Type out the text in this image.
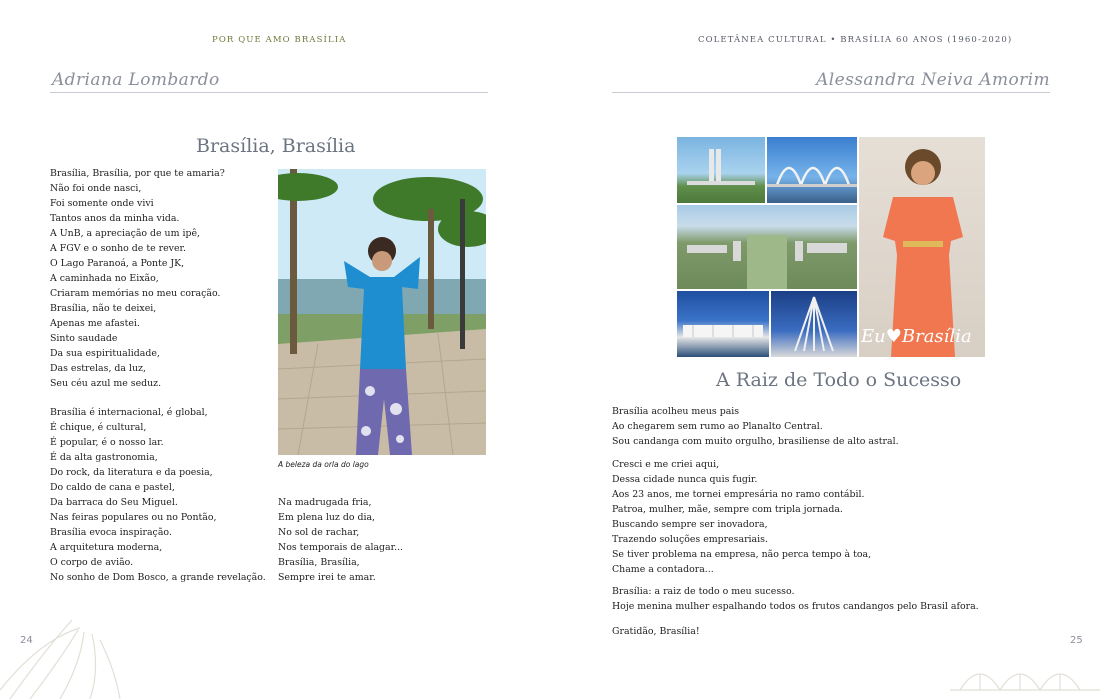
POR QUE AMO BRASÍLIA
Adriana Lombardo
Brasília, Brasília
Brasília, Brasília, por que te amaria?
Não foi onde nasci,
Foi somente onde vivi
Tantos anos da minha vida.
A UnB, a apreciação de um ipê,
A FGV e o sonho de te rever.
O Lago Paranoá, a Ponte JK,
A caminhada no Eixão,
Criaram memórias no meu coração.
Brasília, não te deixei,
Apenas me afastei.
Sinto saudade
Da sua espiritualidade,
Das estrelas, da luz,
Seu céu azul me seduz.
Brasília é internacional, é global,
É chique, é cultural,
É popular, é o nosso lar.
É da alta gastronomia,
Do rock, da literatura e da poesia,
Do caldo de cana e pastel,
Da barraca do Seu Miguel.
Nas feiras populares ou no Pontão,
Brasília evoca inspiração.
A arquitetura moderna,
O corpo de avião.
No sonho de Dom Bosco, a grande revelação.
Na madrugada fria,
Em plena luz do dia,
No sol de rachar,
Nos temporais de alagar...
Brasília, Brasília,
Sempre irei te amar.
A beleza da orla do lago
24
COLETÂNEA CULTURAL • BRASÍLIA 60 ANOS (1960-2020)
Alessandra Neiva Amorim
Eu♥Brasília
A Raiz de Todo o Sucesso
Brasília acolheu meus pais
Ao chegarem sem rumo ao Planalto Central.
Sou candanga com muito orgulho, brasiliense de alto astral.
Cresci e me criei aqui,
Dessa cidade nunca quis fugir.
Aos 23 anos, me tornei empresária no ramo contábil.
Patroa, mulher, mãe, sempre com tripla jornada.
Buscando sempre ser inovadora,
Trazendo soluções empresariais.
Se tiver problema na empresa, não perca tempo à toa,
Chame a contadora...
Brasília: a raiz de todo o meu sucesso.
Hoje menina mulher espalhando todos os frutos candangos pelo Brasil afora.
Gratidão, Brasília!
25
